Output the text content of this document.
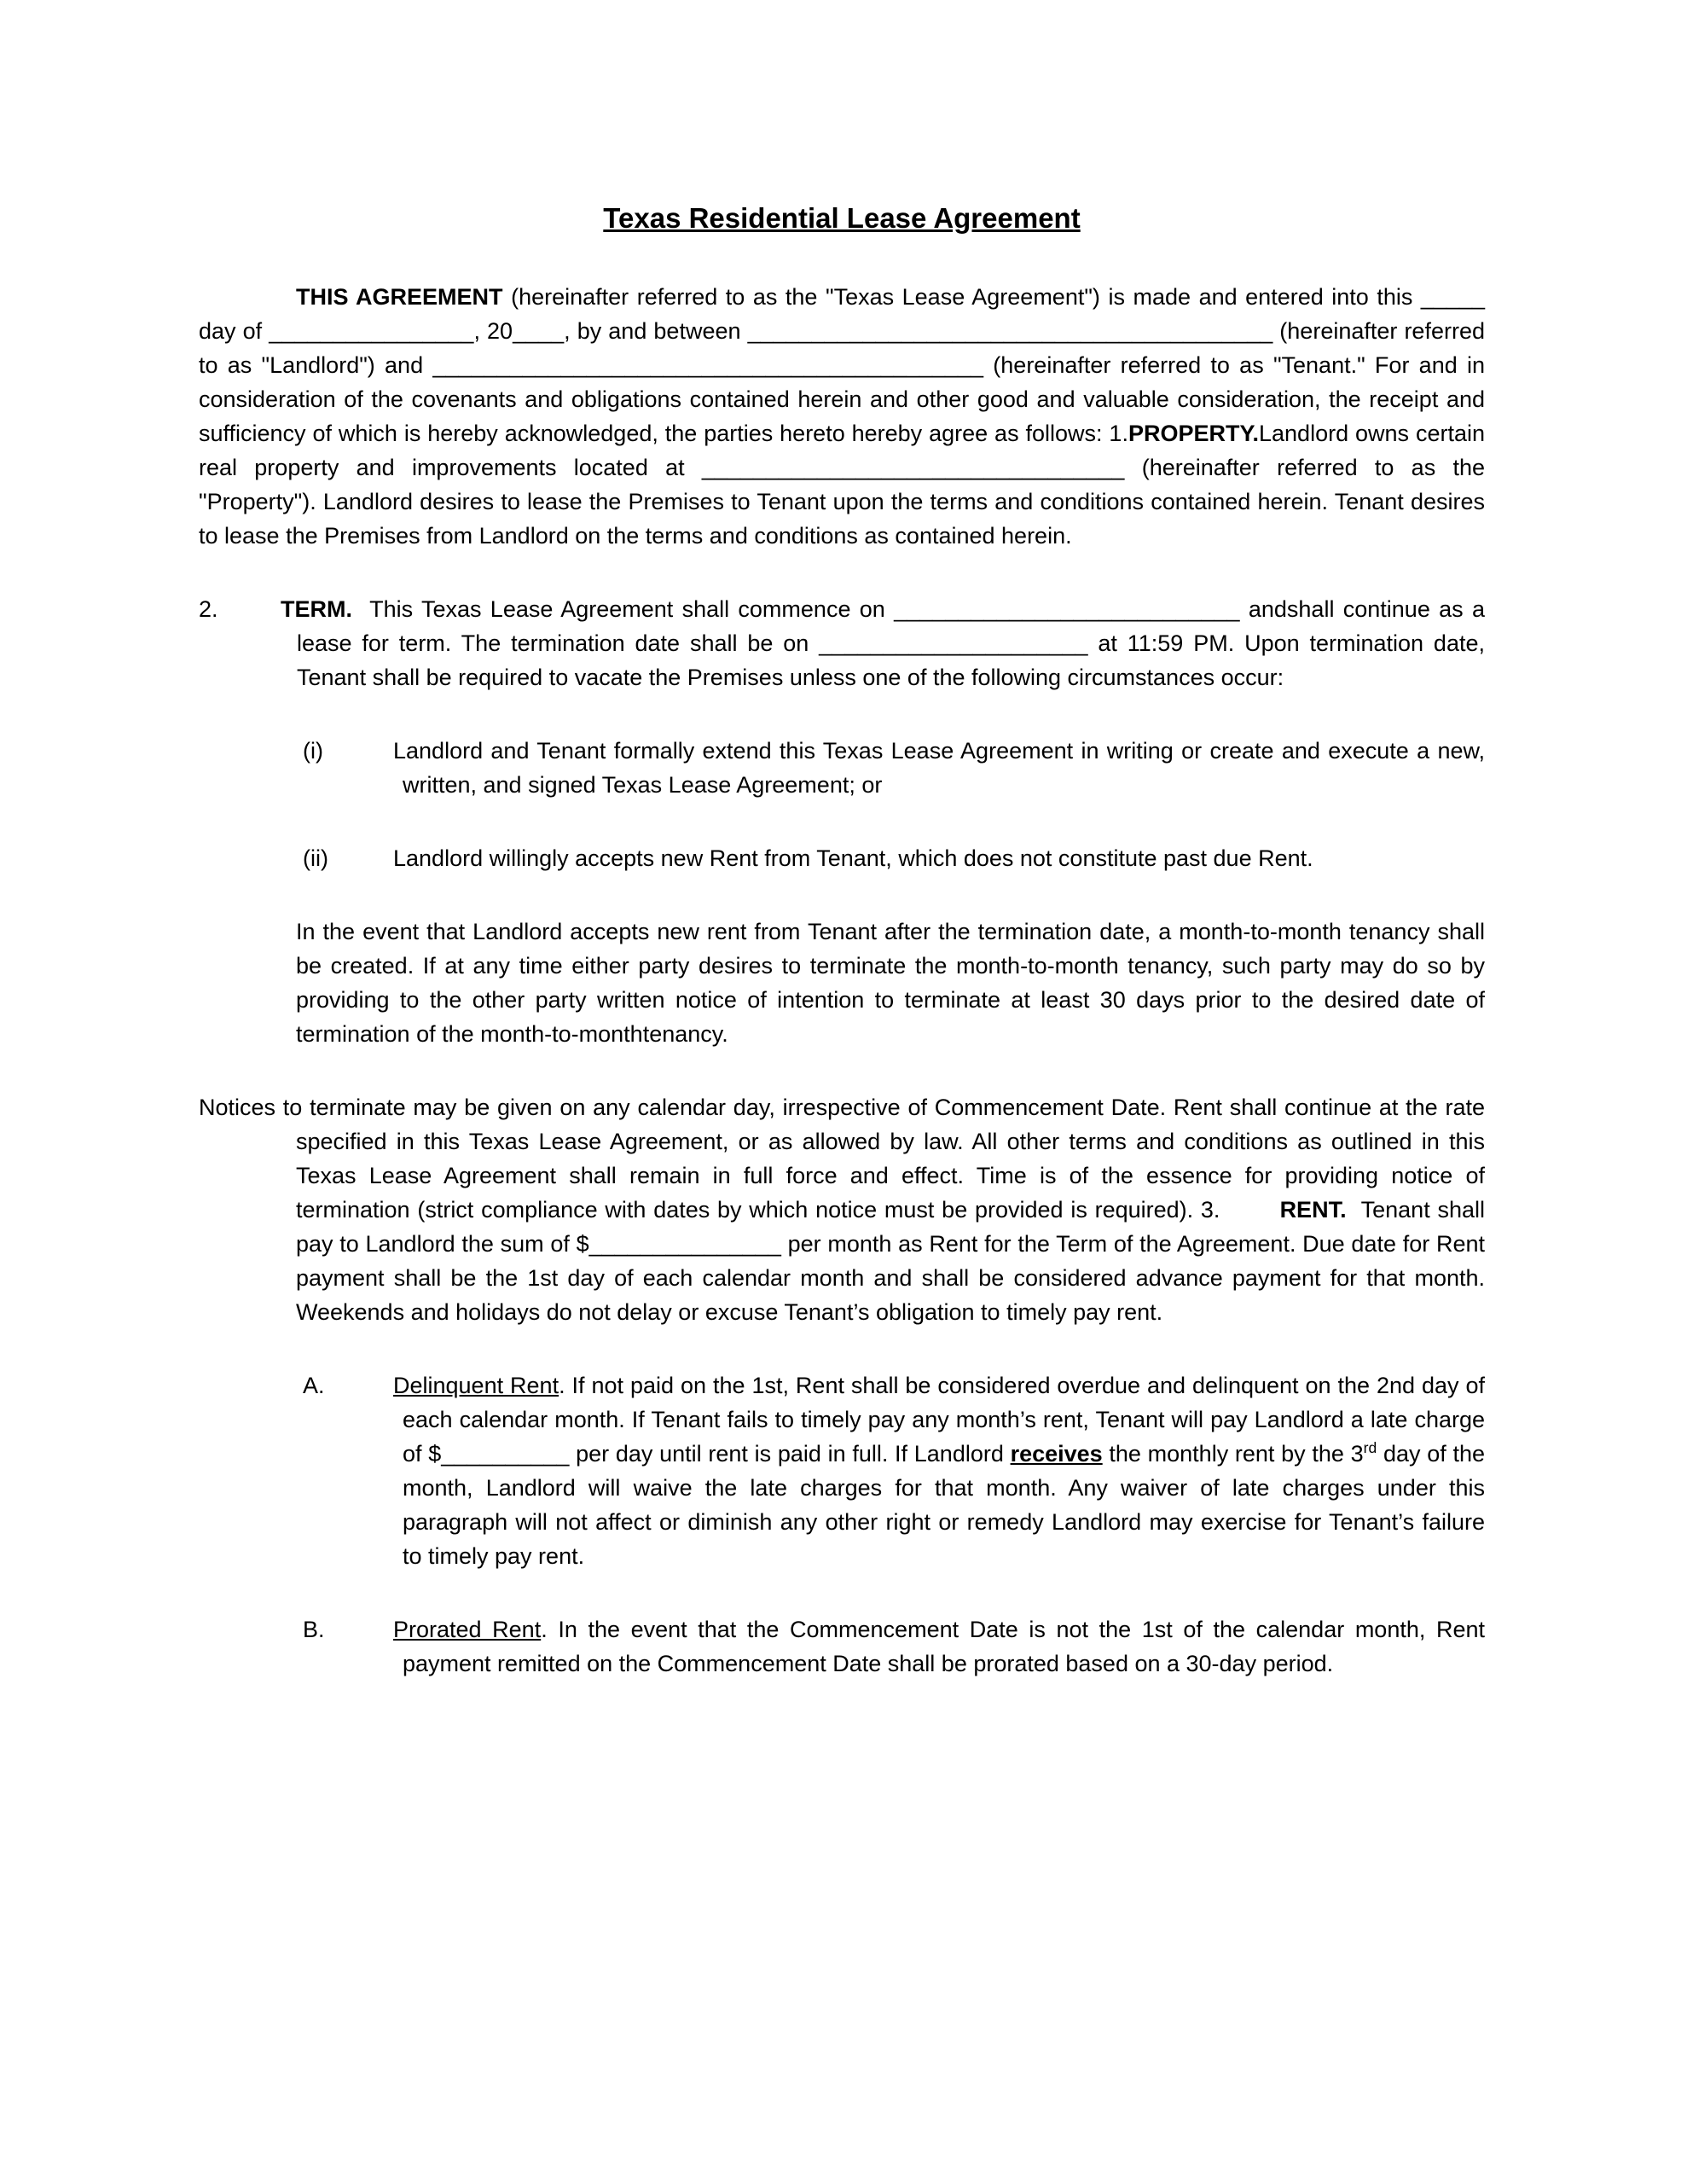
Texas Residential Lease Agreement

THIS AGREEMENT (hereinafter referred to as the "Texas Lease Agreement") is made and entered into this _____ day of ________________, 20____, by and between _________________________________________ (hereinafter referred to as "Landlord") and ___________________________________________ (hereinafter referred to as "Tenant." For and in consideration of the covenants and obligations contained herein and other good and valuable consideration, the receipt and sufficiency of which is hereby acknowledged, the parties hereto hereby agree as follows: 1.PROPERTY.Landlord owns certain real property and improvements located at _________________________________ (hereinafter referred to as the "Property"). Landlord desires to lease the Premises to Tenant upon the terms and conditions contained herein. Tenant desires to lease the Premises from Landlord on the terms and conditions as contained herein.

2.	TERM.  This Texas Lease Agreement shall commence on ___________________________ andshall continue as a lease for term. The termination date shall be on _____________________ at 11:59 PM. Upon termination date, Tenant shall be required to vacate the Premises unless one of the following circumstances occur:

(i)	Landlord and Tenant formally extend this Texas Lease Agreement in writing or create and execute a new, written, and signed Texas Lease Agreement; or

(ii)	Landlord willingly accepts new Rent from Tenant, which does not constitute past due Rent.

In the event that Landlord accepts new rent from Tenant after the termination date, a month-to-month tenancy shall be created. If at any time either party desires to terminate the month-to-month tenancy, such party may do so by providing to the other party written notice of intention to terminate at least 30 days prior to the desired date of termination of the month-to-monthtenancy.

Notices to terminate may be given on any calendar day, irrespective of Commencement Date. Rent shall continue at the rate specified in this Texas Lease Agreement, or as allowed by law. All other terms and conditions as outlined in this Texas Lease Agreement shall remain in full force and effect. Time is of the essence for providing notice of termination (strict compliance with dates by which notice must be provided is required). 3.        RENT.  Tenant shall pay to Landlord the sum of $_______________ per month as Rent for the Term of the Agreement. Due date for Rent payment shall be the 1st day of each calendar month and shall be considered advance payment for that month. Weekends and holidays do not delay or excuse Tenant’s obligation to timely pay rent.

A.	Delinquent Rent. If not paid on the 1st, Rent shall be considered overdue and delinquent on the 2nd day of each calendar month. If Tenant fails to timely pay any month’s rent, Tenant will pay Landlord a late charge of $__________ per day until rent is paid in full. If Landlord receives the monthly rent by the 3rd day of the month, Landlord will waive the late charges for that month. Any waiver of late charges under this paragraph will not affect or diminish any other right or remedy Landlord may exercise for Tenant’s failure to timely pay rent.

B.	Prorated Rent. In the event that the Commencement Date is not the 1st of the calendar month, Rent payment remitted on the Commencement Date shall be prorated based on a 30-day period.
